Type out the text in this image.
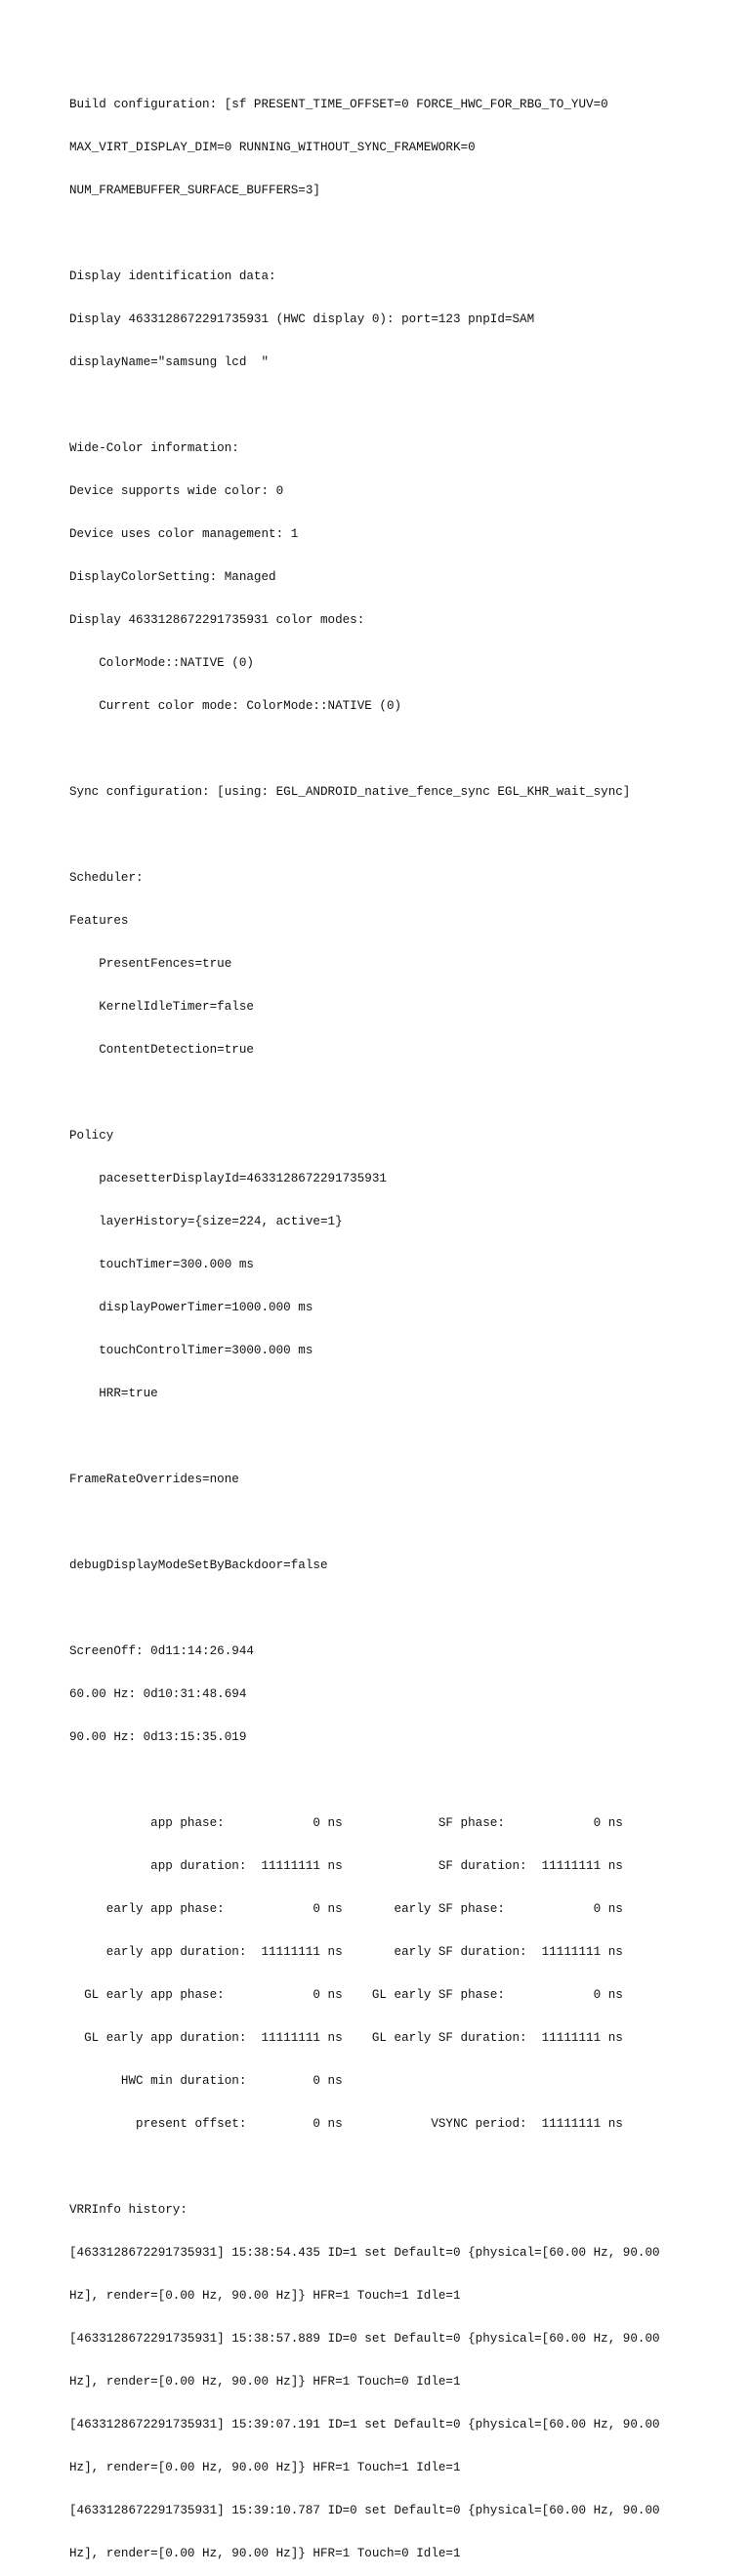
Build configuration: [sf PRESENT_TIME_OFFSET=0 FORCE_HWC_FOR_RBG_TO_YUV=0

MAX_VIRT_DISPLAY_DIM=0 RUNNING_WITHOUT_SYNC_FRAMEWORK=0

NUM_FRAMEBUFFER_SURFACE_BUFFERS=3]

Display identification data:

Display 4633128672291735931 (HWC display 0): port=123 pnpId=SAM

displayName="samsung lcd  "

Wide-Color information:

Device supports wide color: 0

Device uses color management: 1

DisplayColorSetting: Managed

Display 4633128672291735931 color modes:

ColorMode::NATIVE (0)

Current color mode: ColorMode::NATIVE (0)

Sync configuration: [using: EGL_ANDROID_native_fence_sync EGL_KHR_wait_sync]

Scheduler:

Features

PresentFences=true

KernelIdleTimer=false

ContentDetection=true

Policy

pacesetterDisplayId=4633128672291735931

layerHistory={size=224, active=1}

touchTimer=300.000 ms

displayPowerTimer=1000.000 ms

touchControlTimer=3000.000 ms

HRR=true

FrameRateOverrides=none

debugDisplayModeSetByBackdoor=false

ScreenOff: 0d11:14:26.944

60.00 Hz: 0d10:31:48.694

90.00 Hz: 0d13:15:35.019

app phase:            0 ns             SF phase:            0 ns

app duration:  11111111 ns             SF duration:  11111111 ns

early app phase:            0 ns       early SF phase:            0 ns

early app duration:  11111111 ns       early SF duration:  11111111 ns

GL early app phase:            0 ns    GL early SF phase:            0 ns

GL early app duration:  11111111 ns    GL early SF duration:  11111111 ns

HWC min duration:         0 ns

present offset:         0 ns            VSYNC period:  11111111 ns

VRRInfo history:

[4633128672291735931] 15:38:54.435 ID=1 set Default=0 {physical=[60.00 Hz, 90.00

Hz], render=[0.00 Hz, 90.00 Hz]} HFR=1 Touch=1 Idle=1

[4633128672291735931] 15:38:57.889 ID=0 set Default=0 {physical=[60.00 Hz, 90.00

Hz], render=[0.00 Hz, 90.00 Hz]} HFR=1 Touch=0 Idle=1

[4633128672291735931] 15:39:07.191 ID=1 set Default=0 {physical=[60.00 Hz, 90.00

Hz], render=[0.00 Hz, 90.00 Hz]} HFR=1 Touch=1 Idle=1

[4633128672291735931] 15:39:10.787 ID=0 set Default=0 {physical=[60.00 Hz, 90.00

Hz], render=[0.00 Hz, 90.00 Hz]} HFR=1 Touch=0 Idle=1
